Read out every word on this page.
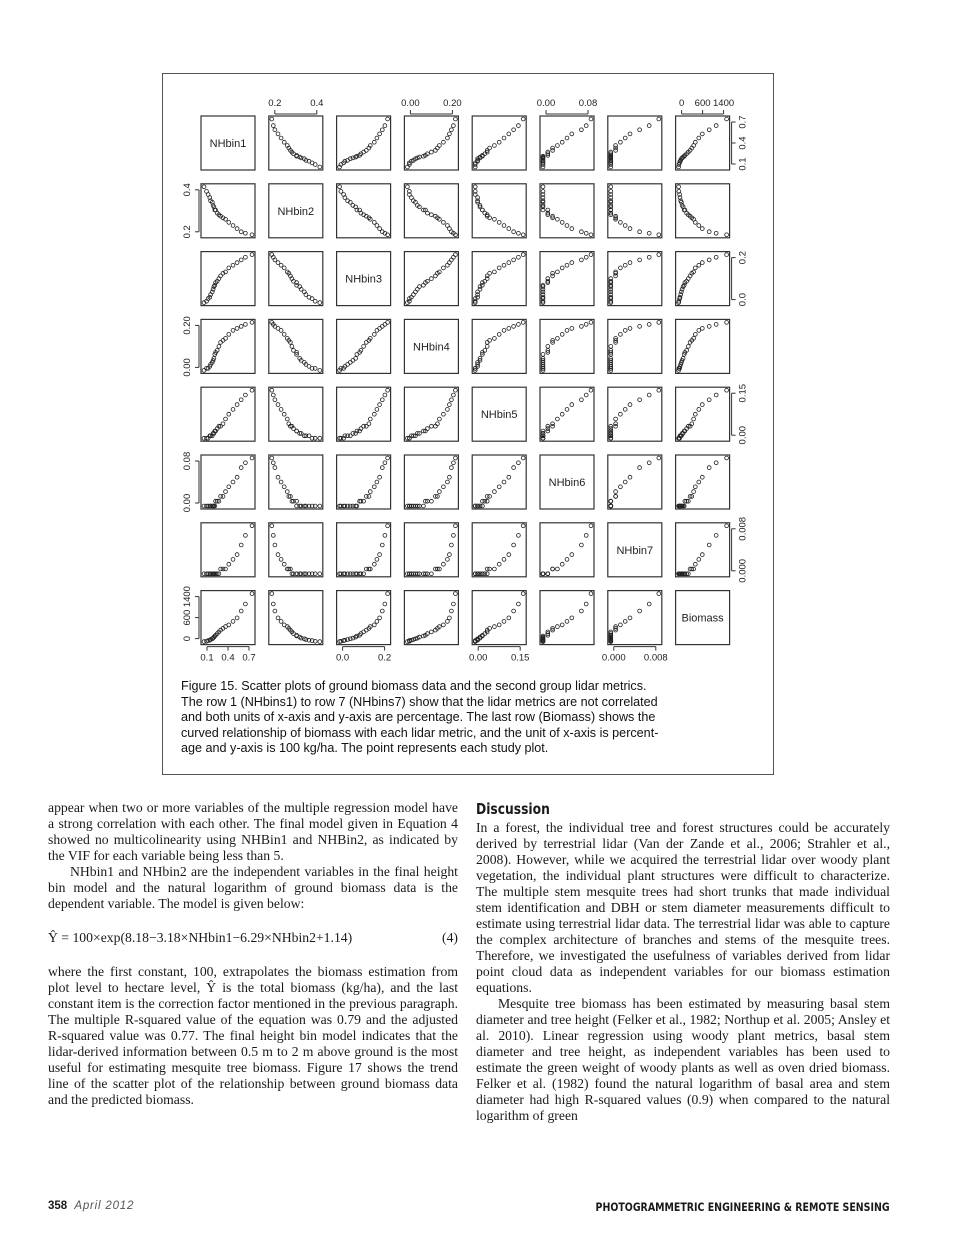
NHbin1
NHbin2
NHbin3
NHbin4
NHbin5
NHbin6
NHbin7
Biomass
0.2	0.4	0.00 0.20	0.00 0.08	0 600 1400
0.1 0.4 0.7	0.0	0.2	0.00 0.15	0.000 0.008
0.2
0.4
0.00
0.20
0.00
0.08
0
600
1400
0.1
0.4
0.7
0.0
0.2
0.00
0.15
0.000
0.008
Figure 15. Scatter plots of ground biomass data and the second group lidar metrics.
The row 1 (NHbins1) to row 7 (NHbins7) show that the lidar metrics are not correlated
and both units of x-axis and y-axis are percentage. The last row (Biomass) shows the
curved relationship of biomass with each lidar metric, and the unit of x-axis is percent-
age and y-axis is 100 kg/ha. The point represents each study plot.

appear when two or more variables of the multiple regression model have a strong correlation with each other. The final model given in Equation 4 showed no multicolinearity using NHBin1 and NHBin2, as indicated by the VIF for each variable being less than 5.

NHbin1 and NHbin2 are the independent variables in the final height bin model and the natural logarithm of ground biomass data is the dependent variable. The model is given below:

Ŷ = 100×exp(8.18−3.18×NHbin1−6.29×NHbin2+1.14)	(4)

where the first constant, 100, extrapolates the biomass estimation from plot level to hectare level, Ŷ is the total biomass (kg/ha), and the last constant item is the correction factor mentioned in the previous paragraph. The multiple R-squared value of the equation was 0.79 and the adjusted R-squared value was 0.77. The final height bin model indicates that the lidar-derived information between 0.5 m to 2 m above ground is the most useful for estimating mesquite tree biomass. Figure 17 shows the trend line of the scatter plot of the relationship between ground biomass data and the predicted biomass.

Discussion

In a forest, the individual tree and forest structures could be accurately derived by terrestrial lidar (Van der Zande et al., 2006; Strahler et al., 2008). However, while we acquired the terrestrial lidar over woody plant vegetation, the individual plant structures were difficult to characterize. The multiple stem mesquite trees had short trunks that made individual stem identification and DBH or stem diameter measurements difficult to estimate using terrestrial lidar data. The terrestrial lidar was able to capture the complex architecture of branches and stems of the mesquite trees. Therefore, we investigated the usefulness of variables derived from lidar point cloud data as independent variables for our biomass estimation equations.

Mesquite tree biomass has been estimated by measuring basal stem diameter and tree height (Felker et al., 1982; Northup et al. 2005; Ansley et al. 2010). Linear regression using woody plant metrics, basal stem diameter and tree height, as independent variables has been used to estimate the green weight of woody plants as well as oven dried biomass. Felker et al. (1982) found the natural logarithm of basal area and stem diameter had high R-squared values (0.9) when compared to the natural logarithm of green

358 April 2012	PHOTOGRAMMETRIC ENGINEERING & REMOTE SENSING
